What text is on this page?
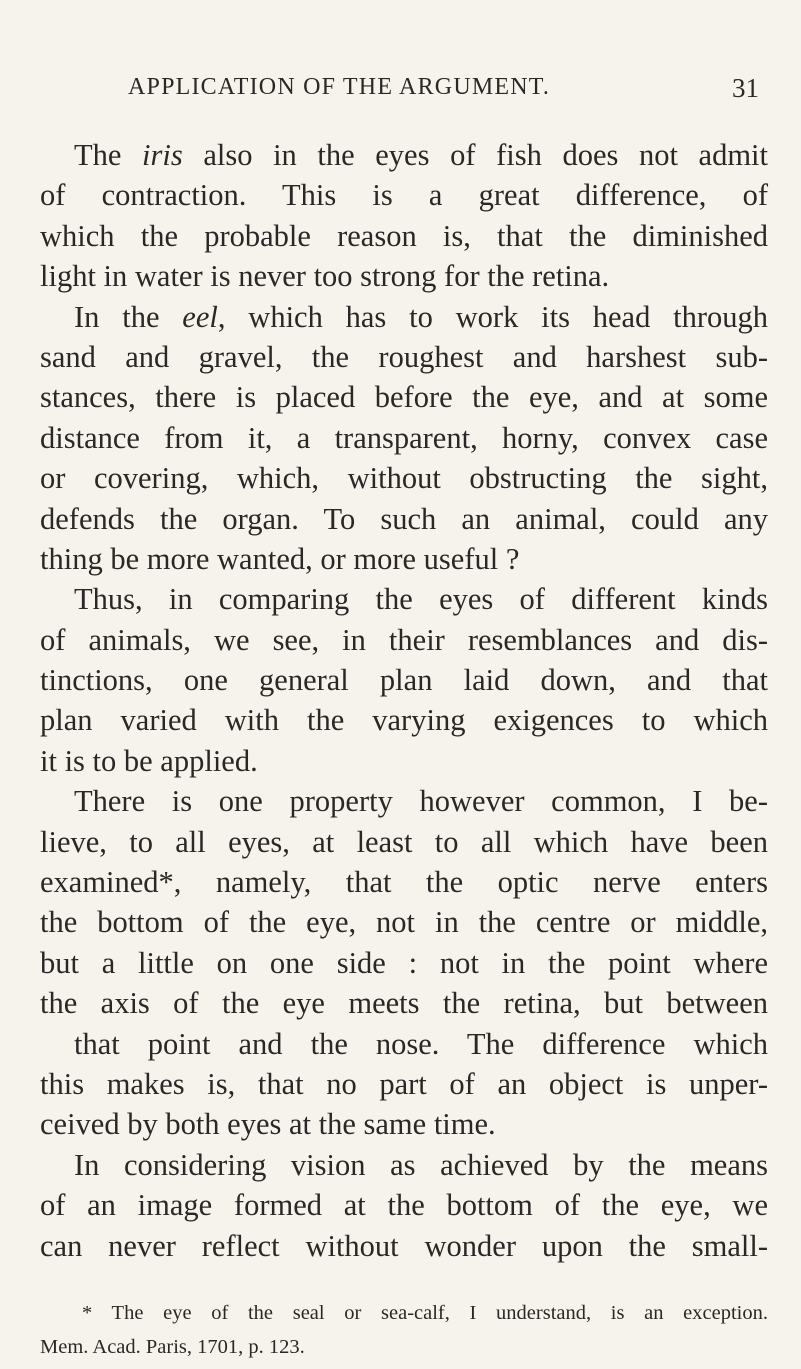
APPLICATION OF THE ARGUMENT.	31
The iris also in the eyes of fish does not admit
of contraction. This is a great difference, of
which the probable reason is, that the diminished
light in water is never too strong for the retina.
In the eel, which has to work its head through
sand and gravel, the roughest and harshest sub-
stances, there is placed before the eye, and at some
distance from it, a transparent, horny, convex case
or covering, which, without obstructing the sight,
defends the organ. To such an animal, could any
thing be more wanted, or more useful ?
Thus, in comparing the eyes of different kinds
of animals, we see, in their resemblances and dis-
tinctions, one general plan laid down, and that
plan varied with the varying exigences to which
it is to be applied.
There is one property however common, I be-
lieve, to all eyes, at least to all which have been
examined*, namely, that the optic nerve enters
the bottom of the eye, not in the centre or middle,
but a little on one side : not in the point where
the axis of the eye meets the retina, but between
that point and the nose. The difference which
this makes is, that no part of an object is unper-
ceived by both eyes at the same time.
In considering vision as achieved by the means
of an image formed at the bottom of the eye, we
can never reflect without wonder upon the small-
* The eye of the seal or sea-calf, I understand, is an exception.
Mem. Acad. Paris, 1701, p. 123.
